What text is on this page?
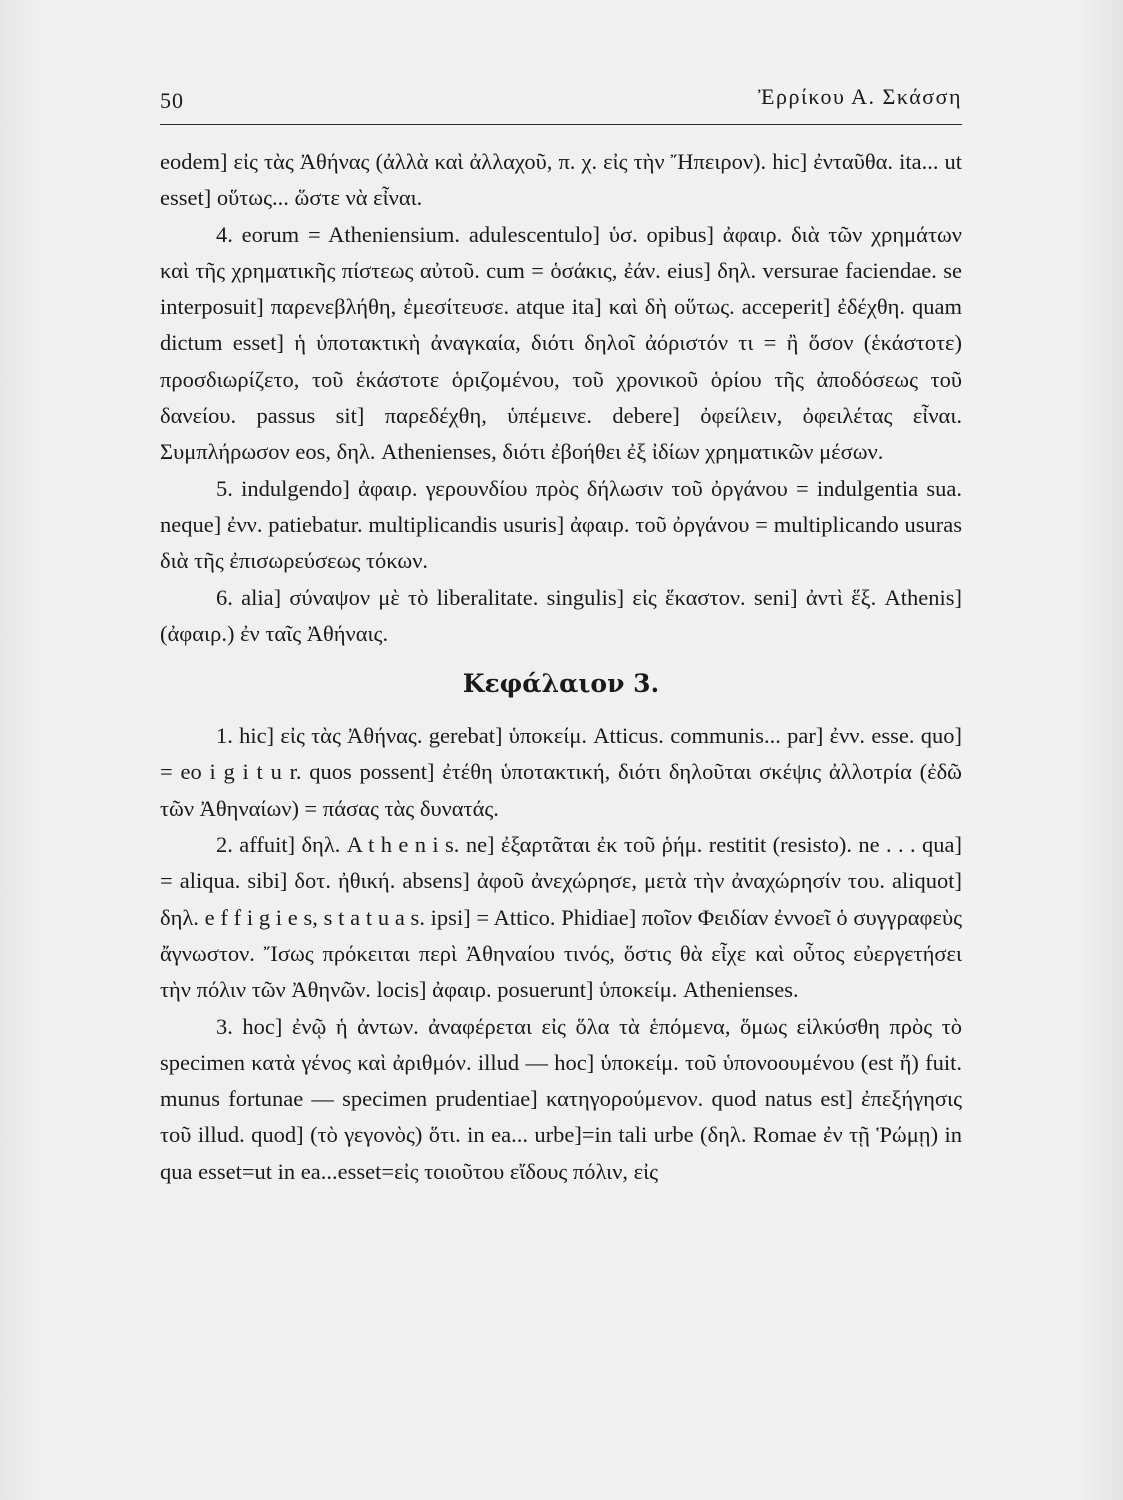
50	Ἐρρίκου Α. Σκάσση

eodem] εἰς τὰς Ἀθήνας (ἀλλὰ καὶ ἀλλαχοῦ, π. χ. εἰς τὴν Ἤπειρον). hic] ἐνταῦθα. ita... ut esset] οὕτως... ὥστε νὰ εἶναι.

4. eorum = Atheniensium. adulescentulo] ὑσ. opibus] ἀφαιρ. διὰ τῶν χρημάτων καὶ τῆς χρηματικῆς πίστεως αὐτοῦ. cum = ὁσάκις, ἐάν. eius] δηλ. versurae faciendae. se interposuit] παρενεβλήθη, ἐμεσίτευσε. atque ita] καὶ δὴ οὕτως. acceperit] ἐδέχθη. quam dictum esset] ἡ ὑποτακτικὴ ἀναγκαία, διότι δηλοῖ ἀόριστόν τι = ἢ ὅσον (ἑκάστοτε) προσδιωρίζετο, τοῦ ἑκάστοτε ὁριζομένου, τοῦ χρονικοῦ ὁρίου τῆς ἀποδόσεως τοῦ δανείου. passus sit] παρεδέχθη, ὑπέμεινε. debere] ὀφείλειν, ὀφειλέτας εἶναι. Συμπλήρωσον eos, δηλ. Athenienses, διότι ἐβοήθει ἐξ ἰδίων χρηματικῶν μέσων.

5. indulgendo] ἀφαιρ. γερουνδίου πρὸς δήλωσιν τοῦ ὀργάνου = indulgentia sua. neque] ἐνν. patiebatur. multiplicandis usuris] ἀφαιρ. τοῦ ὀργάνου = multiplicando usuras διὰ τῆς ἐπισωρεύσεως τόκων.

6. alia] σύναψον μὲ τὸ liberalitate. singulis] εἰς ἕκαστον. seni] ἀντὶ ἕξ. Athenis] (ἀφαιρ.) ἐν ταῖς Ἀθήναις.

Κεφάλαιον 3.

1. hic] εἰς τὰς Ἀθήνας. gerebat] ὑποκείμ. Atticus. communis... par] ἐνν. esse. quo] = eo i g i t u r. quos possent] ἐτέθη ὑποτακτική, διότι δηλοῦται σκέψις ἀλλοτρία (ἐδῶ τῶν Ἀθηναίων) = πάσας τὰς δυνατάς.

2. affuit] δηλ. A t h e n i s. ne] ἐξαρτᾶται ἐκ τοῦ ῥήμ. restitit (resisto). ne . . . qua] = aliqua. sibi] δοτ. ἠθική. absens] ἀφοῦ ἀνεχώρησε, μετὰ τὴν ἀναχώρησίν του. aliquot] δηλ. e f f i g i e s, s t a t u a s. ipsi] = Attico. Phidiae] ποῖον Φειδίαν ἐννοεῖ ὁ συγγραφεὺς ἄγνωστον. Ἴσως πρόκειται περὶ Ἀθηναίου τινός, ὅστις θὰ εἶχε καὶ οὗτος εὐεργετήσει τὴν πόλιν τῶν Ἀθηνῶν. locis] ἀφαιρ. posuerunt] ὑποκείμ. Athenienses.

3. hoc] ἐνῷ ἡ ἀντων. ἀναφέρεται εἰς ὅλα τὰ ἑπόμενα, ὅμως εἱλκύσθη πρὸς τὸ specimen κατὰ γένος καὶ ἀριθμόν. illud — hoc] ὑποκείμ. τοῦ ὑπονοουμένου (est ἤ) fuit. munus fortunae — specimen prudentiae] κατηγορούμενον. quod natus est] ἐπεξήγησις τοῦ illud. quod] (τὸ γεγονὸς) ὅτι. in ea... urbe]=in tali urbe (δηλ. Romae ἐν τῇ Ῥώμῃ) in qua esset=ut in ea...esset=εἰς τοιοῦτου εἴδους πόλιν, εἰς
